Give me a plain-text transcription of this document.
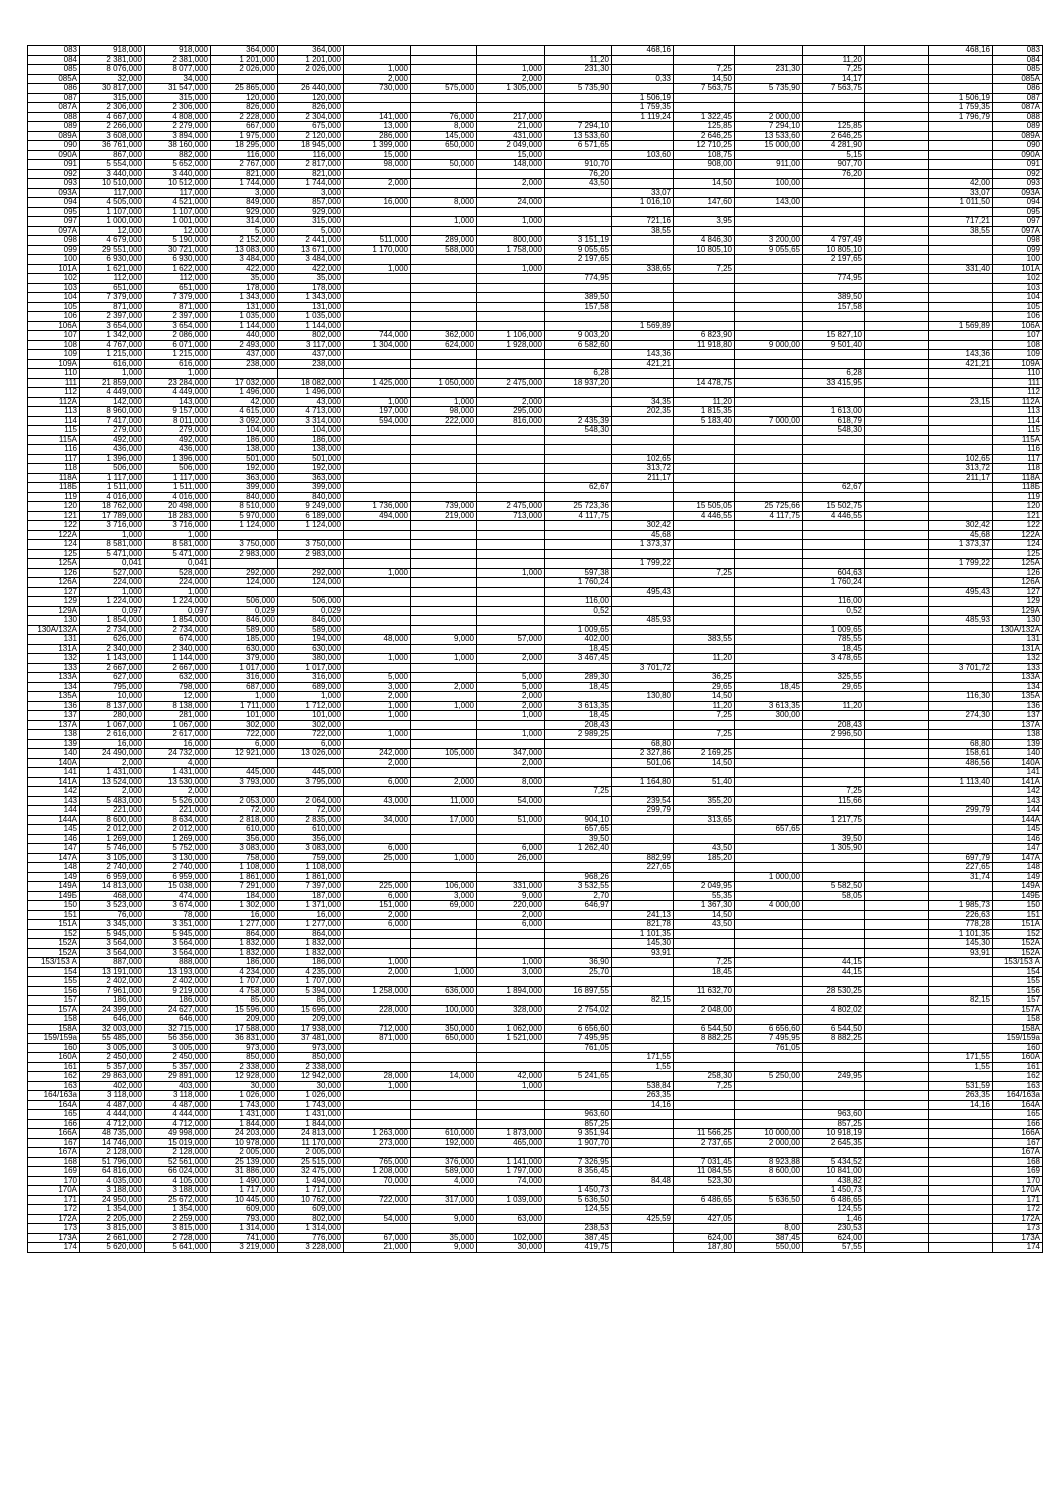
083	918,000	918,000	364,000	364,000					468,16					468,16	083
084	2 381,000	2 381,000	1 201,000	1 201,000				11,20				11,20			084
085	8 076,000	8 077,000	2 026,000	2 026,000	1,000		1,000	231,30		7,25	231,30	7,25			085
085A	32,000	34,000			2,000		2,000		0,33	14,50		14,17			085A
086	30 817,000	31 547,000	25 865,000	26 440,000	730,000	575,000	1 305,000	5 735,90		7 563,75	5 735,90	7 563,75			086
087	315,000	315,000	120,000	120,000					1 506,19					1 506,19	087
087A	2 306,000	2 306,000	826,000	826,000					1 759,35					1 759,35	087A
088	4 667,000	4 808,000	2 228,000	2 304,000	141,000	76,000	217,000		1 119,24	1 322,45	2 000,00			1 796,79	088
089	2 266,000	2 279,000	667,000	675,000	13,000	8,000	21,000	7 294,10		125,85	7 294,10	125,85			089
089A	3 608,000	3 894,000	1 975,000	2 120,000	286,000	145,000	431,000	13 533,60		2 646,25	13 533,60	2 646,25			089A
090	36 761,000	38 160,000	18 295,000	18 945,000	1 399,000	650,000	2 049,000	6 571,65		12 710,25	15 000,00	4 281,90			090
090A	867,000	882,000	116,000	116,000	15,000		15,000		103,60	108,75		5,15			090A
091	5 554,000	5 652,000	2 767,000	2 817,000	98,000	50,000	148,000	910,70		908,00	911,00	907,70			091
092	3 440,000	3 440,000	821,000	821,000				76,20				76,20			092
093	10 510,000	10 512,000	1 744,000	1 744,000	2,000		2,000	43,50		14,50	100,00			42,00	093
093A	117,000	117,000	3,000	3,000					33,07					33,07	093A
094	4 505,000	4 521,000	849,000	857,000	16,000	8,000	24,000		1 016,10	147,60	143,00			1 011,50	094
095	1 107,000	1 107,000	929,000	929,000											095
097	1 000,000	1 001,000	314,000	315,000		1,000	1,000		721,16	3,95				717,21	097
097A	12,000	12,000	5,000	5,000					38,55					38,55	097A
098	4 679,000	5 190,000	2 152,000	2 441,000	511,000	289,000	800,000	3 151,19		4 846,30	3 200,00	4 797,49			098
099	29 551,000	30 721,000	13 083,000	13 671,000	1 170,000	588,000	1 758,000	9 055,65		10 805,10	9 055,65	10 805,10			099
100	6 930,000	6 930,000	3 484,000	3 484,000				2 197,65				2 197,65			100
101A	1 621,000	1 622,000	422,000	422,000	1,000		1,000		338,65	7,25				331,40	101A
102	112,000	112,000	35,000	35,000				774,95				774,95			102
103	651,000	651,000	178,000	178,000											103
104	7 379,000	7 379,000	1 343,000	1 343,000				389,50				389,50			104
105	871,000	871,000	131,000	131,000				157,58				157,58			105
106	2 397,000	2 397,000	1 035,000	1 035,000											106
106A	3 654,000	3 654,000	1 144,000	1 144,000					1 569,89					1 569,89	106A
107	1 342,000	2 086,000	440,000	802,000	744,000	362,000	1 106,000	9 003,20		6 823,90		15 827,10			107
108	4 767,000	6 071,000	2 493,000	3 117,000	1 304,000	624,000	1 928,000	6 582,60		11 918,80	9 000,00	9 501,40			108
109	1 215,000	1 215,000	437,000	437,000					143,36					143,36	109
109A	616,000	616,000	238,000	238,000					421,21					421,21	109A
110	1,000	1,000						6,28				6,28			110
111	21 859,000	23 284,000	17 032,000	18 082,000	1 425,000	1 050,000	2 475,000	18 937,20		14 478,75		33 415,95			111
112	4 449,000	4 449,000	1 496,000	1 496,000											112
112A	142,000	143,000	42,000	43,000	1,000	1,000	2,000		34,35	11,20				23,15	112A
113	8 960,000	9 157,000	4 615,000	4 713,000	197,000	98,000	295,000		202,35	1 815,35		1 613,00			113
114	7 417,000	8 011,000	3 092,000	3 314,000	594,000	222,000	816,000	2 435,39		5 183,40	7 000,00	618,79			114
115	279,000	279,000	104,000	104,000				548,30				548,30			115
115A	492,000	492,000	186,000	186,000											115A
116	436,000	436,000	138,000	138,000											116
117	1 396,000	1 396,000	501,000	501,000					102,65					102,65	117
118	506,000	506,000	192,000	192,000					313,72					313,72	118
118A	1 117,000	1 117,000	363,000	363,000					211,17					211,17	118A
118Б	1 511,000	1 511,000	399,000	399,000				62,67				62,67			118Б
119	4 016,000	4 016,000	840,000	840,000											119
120	18 762,000	20 498,000	8 510,000	9 249,000	1 736,000	739,000	2 475,000	25 723,36		15 505,05	25 725,66	15 502,75			120
121	17 789,000	18 283,000	5 970,000	6 189,000	494,000	219,000	713,000	4 117,75		4 446,55	4 117,75	4 446,55			121
122	3 716,000	3 716,000	1 124,000	1 124,000					302,42					302,42	122
122A	1,000	1,000							45,68					45,68	122A
124	8 581,000	8 581,000	3 750,000	3 750,000					1 373,37					1 373,37	124
125	5 471,000	5 471,000	2 983,000	2 983,000											125
125A	0,041	0,041							1 799,22					1 799,22	125A
126	527,000	528,000	292,000	292,000	1,000		1,000	597,38		7,25		604,63			126
126A	224,000	224,000	124,000	124,000				1 760,24				1 760,24			126A
127	1,000	1,000							495,43					495,43	127
129	1 224,000	1 224,000	506,000	506,000				116,00				116,00			129
129A	0,097	0,097	0,029	0,029				0,52				0,52			129A
130	1 854,000	1 854,000	846,000	846,000					485,93					485,93	130
130A/132A	2 734,000	2 734,000	589,000	589,000				1 009,65				1 009,65			130A/132A
131	626,000	674,000	185,000	194,000	48,000	9,000	57,000	402,00		383,55		785,55			131
131A	2 340,000	2 340,000	630,000	630,000				18,45				18,45			131A
132	1 143,000	1 144,000	379,000	380,000	1,000	1,000	2,000	3 467,45		11,20		3 478,65			132
133	2 667,000	2 667,000	1 017,000	1 017,000					3 701,72					3 701,72	133
133A	627,000	632,000	316,000	316,000	5,000		5,000	289,30		36,25		325,55			133A
134	795,000	798,000	687,000	689,000	3,000	2,000	5,000	18,45		29,65	18,45	29,65			134
135A	10,000	12,000	1,000	1,000	2,000		2,000		130,80	14,50				116,30	135A
136	8 137,000	8 138,000	1 711,000	1 712,000	1,000	1,000	2,000	3 613,35		11,20	3 613,35	11,20			136
137	280,000	281,000	101,000	101,000	1,000		1,000	18,45		7,25	300,00			274,30	137
137A	1 067,000	1 067,000	302,000	302,000				208,43				208,43			137A
138	2 616,000	2 617,000	722,000	722,000	1,000		1,000	2 989,25		7,25		2 996,50			138
139	16,000	16,000	6,000	6,000					68,80					68,80	139
140	24 490,000	24 732,000	12 921,000	13 026,000	242,000	105,000	347,000		2 327,86	2 169,25				158,61	140
140A	2,000	4,000			2,000		2,000		501,06	14,50				486,56	140A
141	1 431,000	1 431,000	445,000	445,000											141
141A	13 524,000	13 530,000	3 793,000	3 795,000	6,000	2,000	8,000		1 164,80	51,40				1 113,40	141A
142	2,000	2,000						7,25				7,25			142
143	5 483,000	5 526,000	2 053,000	2 064,000	43,000	11,000	54,000		239,54	355,20		115,66			143
144	221,000	221,000	72,000	72,000					299,79					299,79	144
144A	8 600,000	8 634,000	2 818,000	2 835,000	34,000	17,000	51,000	904,10		313,65		1 217,75			144A
145	2 012,000	2 012,000	610,000	610,000				657,65			657,65				145
146	1 269,000	1 269,000	356,000	356,000				39,50				39,50			146
147	5 746,000	5 752,000	3 083,000	3 083,000	6,000		6,000	1 262,40		43,50		1 305,90			147
147A	3 105,000	3 130,000	758,000	759,000	25,000	1,000	26,000		882,99	185,20				697,79	147A
148	2 740,000	2 740,000	1 108,000	1 108,000					227,65					227,65	148
149	6 959,000	6 959,000	1 861,000	1 861,000				968,26			1 000,00			31,74	149
149A	14 813,000	15 038,000	7 291,000	7 397,000	225,000	106,000	331,000	3 532,55		2 049,95		5 582,50			149A
149Б	468,000	474,000	184,000	187,000	6,000	3,000	9,000	2,70		55,35		58,05			149Б
150	3 523,000	3 674,000	1 302,000	1 371,000	151,000	69,000	220,000	646,97		1 367,30	4 000,00			1 985,73	150
151	76,000	78,000	16,000	16,000	2,000		2,000		241,13	14,50				226,63	151
151A	3 345,000	3 351,000	1 277,000	1 277,000	6,000		6,000		821,78	43,50				778,28	151A
152	5 945,000	5 945,000	864,000	864,000					1 101,35					1 101,35	152
152A	3 564,000	3 564,000	1 832,000	1 832,000					145,30					145,30	152A
152A	3 564,000	3 564,000	1 832,000	1 832,000					93,91					93,91	152A
153/153 A	887,000	888,000	186,000	186,000	1,000		1,000	36,90		7,25		44,15			153/153 A
154	13 191,000	13 193,000	4 234,000	4 235,000	2,000	1,000	3,000	25,70		18,45		44,15			154
155	2 402,000	2 402,000	1 707,000	1 707,000											155
156	7 961,000	9 219,000	4 758,000	5 394,000	1 258,000	636,000	1 894,000	16 897,55		11 632,70		28 530,25			156
157	186,000	186,000	85,000	85,000					82,15					82,15	157
157A	24 399,000	24 627,000	15 596,000	15 696,000	228,000	100,000	328,000	2 754,02		2 048,00		4 802,02			157A
158	646,000	646,000	209,000	209,000											158
158A	32 003,000	32 715,000	17 588,000	17 938,000	712,000	350,000	1 062,000	6 656,60		6 544,50	6 656,60	6 544,50			158A
159/159a	55 485,000	56 356,000	36 831,000	37 481,000	871,000	650,000	1 521,000	7 495,95		8 882,25	7 495,95	8 882,25			159/159a
160	3 005,000	3 005,000	973,000	973,000				761,05			761,05				160
160A	2 450,000	2 450,000	850,000	850,000					171,55					171,55	160A
161	5 357,000	5 357,000	2 338,000	2 338,000					1,55					1,55	161
162	29 863,000	29 891,000	12 928,000	12 942,000	28,000	14,000	42,000	5 241,65		258,30	5 250,00	249,95			162
163	402,000	403,000	30,000	30,000	1,000		1,000		538,84	7,25				531,59	163
164/163a	3 118,000	3 118,000	1 026,000	1 026,000					263,35					263,35	164/163a
164A	4 487,000	4 487,000	1 743,000	1 743,000					14,16					14,16	164A
165	4 444,000	4 444,000	1 431,000	1 431,000				963,60				963,60			165
166	4 712,000	4 712,000	1 844,000	1 844,000				857,25				857,25			166
166A	48 735,000	49 998,000	24 203,000	24 813,000	1 263,000	610,000	1 873,000	9 351,94		11 566,25	10 000,00	10 918,19			166A
167	14 746,000	15 019,000	10 978,000	11 170,000	273,000	192,000	465,000	1 907,70		2 737,65	2 000,00	2 645,35			167
167A	2 128,000	2 128,000	2 005,000	2 005,000											167A
168	51 796,000	52 561,000	25 139,000	25 515,000	765,000	376,000	1 141,000	7 326,95		7 031,45	8 923,88	5 434,52			168
169	64 816,000	66 024,000	31 886,000	32 475,000	1 208,000	589,000	1 797,000	8 356,45		11 084,55	8 600,00	10 841,00			169
170	4 035,000	4 105,000	1 490,000	1 494,000	70,000	4,000	74,000		84,48	523,30		438,82			170
170A	3 188,000	3 188,000	1 717,000	1 717,000				1 450,73				1 450,73			170A
171	24 950,000	25 672,000	10 445,000	10 762,000	722,000	317,000	1 039,000	5 636,50		6 486,65	5 636,50	6 486,65			171
172	1 354,000	1 354,000	609,000	609,000				124,55				124,55			172
172A	2 205,000	2 259,000	793,000	802,000	54,000	9,000	63,000		425,59	427,05		1,46			172A
173	3 815,000	3 815,000	1 314,000	1 314,000				238,53			8,00	230,53			173
173A	2 661,000	2 728,000	741,000	776,000	67,000	35,000	102,000	387,45		624,00	387,45	624,00			173A
174	5 620,000	5 641,000	3 219,000	3 228,000	21,000	9,000	30,000	419,75		187,80	550,00	57,55			174
